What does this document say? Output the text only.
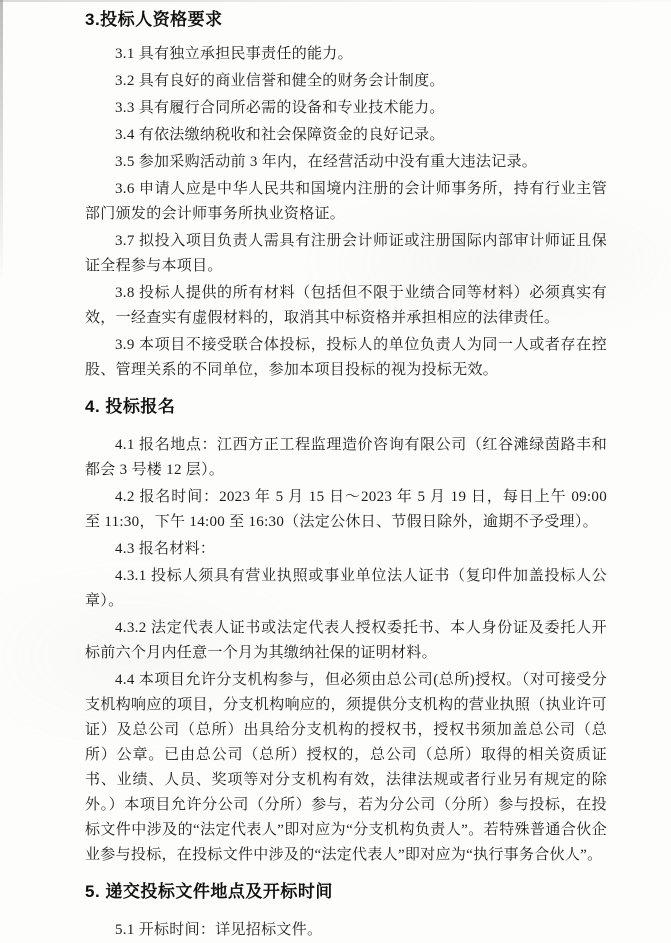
3.投标人资格要求

3.1 具有独立承担民事责任的能力。

3.2 具有良好的商业信誉和健全的财务会计制度。

3.3 具有履行合同所必需的设备和专业技术能力。

3.4 有依法缴纳税收和社会保障资金的良好记录。

3.5 参加采购活动前 3 年内，在经营活动中没有重大违法记录。

3.6 申请人应是中华人民共和国境内注册的会计师事务所，持有行业主管部门颁发的会计师事务所执业资格证。

3.7 拟投入项目负责人需具有注册会计师证或注册国际内部审计师证且保证全程参与本项目。

3.8 投标人提供的所有材料（包括但不限于业绩合同等材料）必须真实有效，一经查实有虚假材料的，取消其中标资格并承担相应的法律责任。

3.9 本项目不接受联合体投标，投标人的单位负责人为同一人或者存在控股、管理关系的不同单位，参加本项目投标的视为投标无效。

4. 投标报名

4.1 报名地点：江西方正工程监理造价咨询有限公司（红谷滩绿茵路丰和都会 3 号楼 12 层）。

4.2 报名时间：2023 年 5 月 15 日～2023 年 5 月 19 日，每日上午 09:00 至 11:30，下午 14:00 至 16:30（法定公休日、节假日除外，逾期不予受理）。

4.3 报名材料：

4.3.1 投标人须具有营业执照或事业单位法人证书（复印件加盖投标人公章）。

4.3.2 法定代表人证书或法定代表人授权委托书、本人身份证及委托人开标前六个月内任意一个月为其缴纳社保的证明材料。

4.4 本项目允许分支机构参与，但必须由总公司(总所)授权。（对可接受分支机构响应的项目，分支机构响应的，须提供分支机构的营业执照（执业许可证）及总公司（总所）出具给分支机构的授权书，授权书须加盖总公司（总所）公章。已由总公司（总所）授权的，总公司（总所）取得的相关资质证书、业绩、人员、奖项等对分支机构有效，法律法规或者行业另有规定的除外。）本项目允许分公司（分所）参与，若为分公司（分所）参与投标，在投标文件中涉及的“法定代表人”即对应为“分支机构负责人”。若特殊普通合伙企业参与投标，在投标文件中涉及的“法定代表人”即对应为“执行事务合伙人”。

5. 递交投标文件地点及开标时间

5.1 开标时间：详见招标文件。
